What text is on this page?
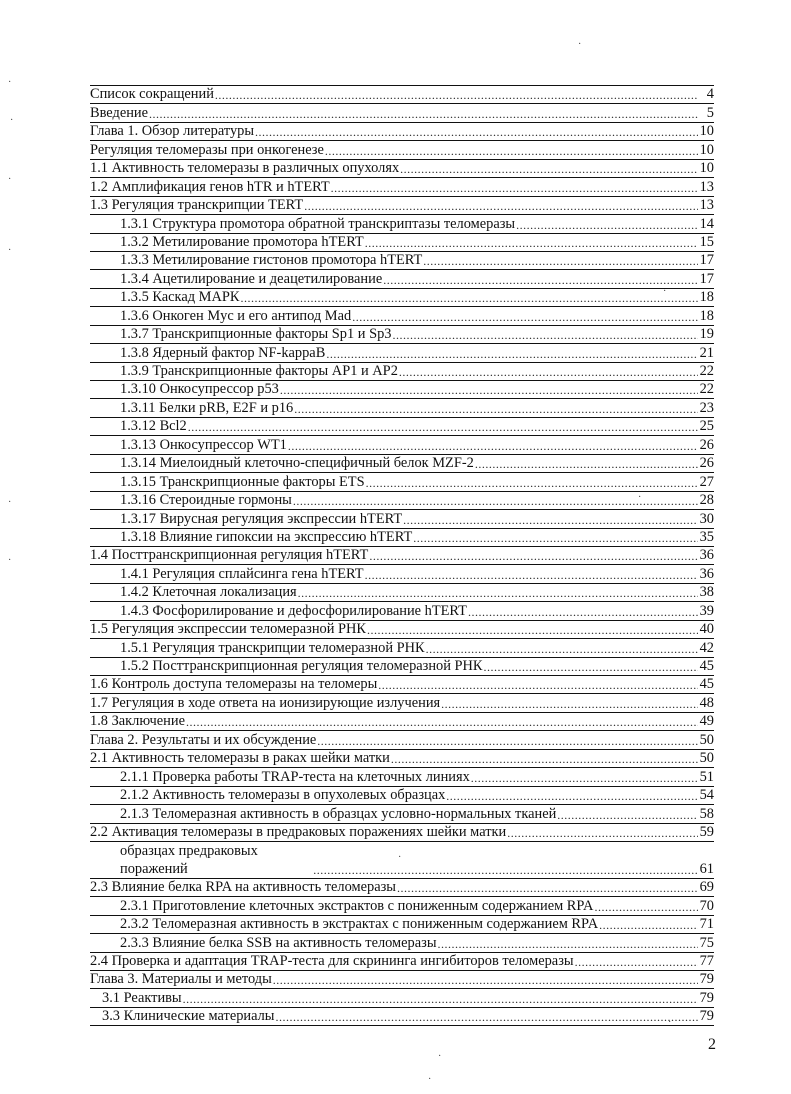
Список сокращений .....	4
Введение .....	5
Глава 1. Обзор литературы .....	10
Регуляция теломеразы при онкогенезе .....	10
1.1 Активность теломеразы в различных опухолях .....	10
1.2 Амплификация генов hTR и hTERT .....	13
1.3 Регуляция транскрипции TERT .....	13
1.3.1 Структура промотора обратной транскриптазы теломеразы .....	14
1.3.2 Метилирование промотора hTERT .....	15
1.3.3 Метилирование гистонов промотора hTERT .....	17
1.3.4 Ацетилирование и деацетилирование .....	17
1.3.5 Каскад МАРК .....	18
1.3.6 Онкоген Myc и его антипод Mad .....	18
1.3.7 Транскрипционные факторы Sp1 и Sp3 .....	19
1.3.8 Ядерный фактор NF-kappaB .....	21
1.3.9 Транскрипционные факторы AP1 и AP2 .....	22
1.3.10 Онкосупрессор p53 .....	22
1.3.11 Белки pRB, E2F и p16 .....	23
1.3.12 Bcl2 .....	25
1.3.13 Онкосупрессор WT1 .....	26
1.3.14 Миелоидный клеточно-специфичный белок MZF-2 .....	26
1.3.15 Транскрипционные факторы ETS .....	27
1.3.16 Стероидные гормоны .....	28
1.3.17 Вирусная регуляция экспрессии hTERT .....	30
1.3.18 Влияние гипоксии на экспрессию hTERT .....	35
1.4 Посттранскрипционная регуляция hTERT .....	36
1.4.1 Регуляция сплайсинга гена hTERT .....	36
1.4.2 Клеточная локализация .....	38
1.4.3 Фосфорилирование и дефосфорилирование hTERT .....	39
1.5 Регуляция экспрессии теломеразной РНК .....	40
1.5.1 Регуляция транскрипции теломеразной РНК .....	42
1.5.2 Посттранскрипционная регуляция теломеразной РНК .....	45
1.6 Контроль доступа теломеразы на теломеры .....	45
1.7 Регуляция в ходе ответа на ионизирующие излучения .....	48
1.8 Заключение .....	49
Глава 2. Результаты и их обсуждение .....	50
2.1 Активность теломеразы в раках шейки матки .....	50
2.1.1 Проверка работы TRAP-теста на клеточных линиях .....	51
2.1.2 Активность теломеразы в опухолевых образцах .....	54
2.1.3 Теломеразная активность в образцах условно-нормальных тканей .....	58
2.2 Активация теломеразы в предраковых поражениях шейки матки .....	59
образцах предраковых поражений .....	61
2.3 Влияние белка RPA на активность теломеразы .....	69
2.3.1 Приготовление клеточных экстрактов с пониженным содержанием RPA .....	70
2.3.2 Теломеразная активность в экстрактах с пониженным содержанием RPA .....	71
2.3.3 Влияние белка SSB на активность теломеразы .....	75
2.4 Проверка и адаптация TRAP-теста для скрининга ингибиторов теломеразы .....	77
Глава 3. Материалы и методы .....	79
3.1 Реактивы .....	79
3.3 Клинические материалы .....	79
2
·
·
·
·
·
·
·
·
·
·
·
·
·
